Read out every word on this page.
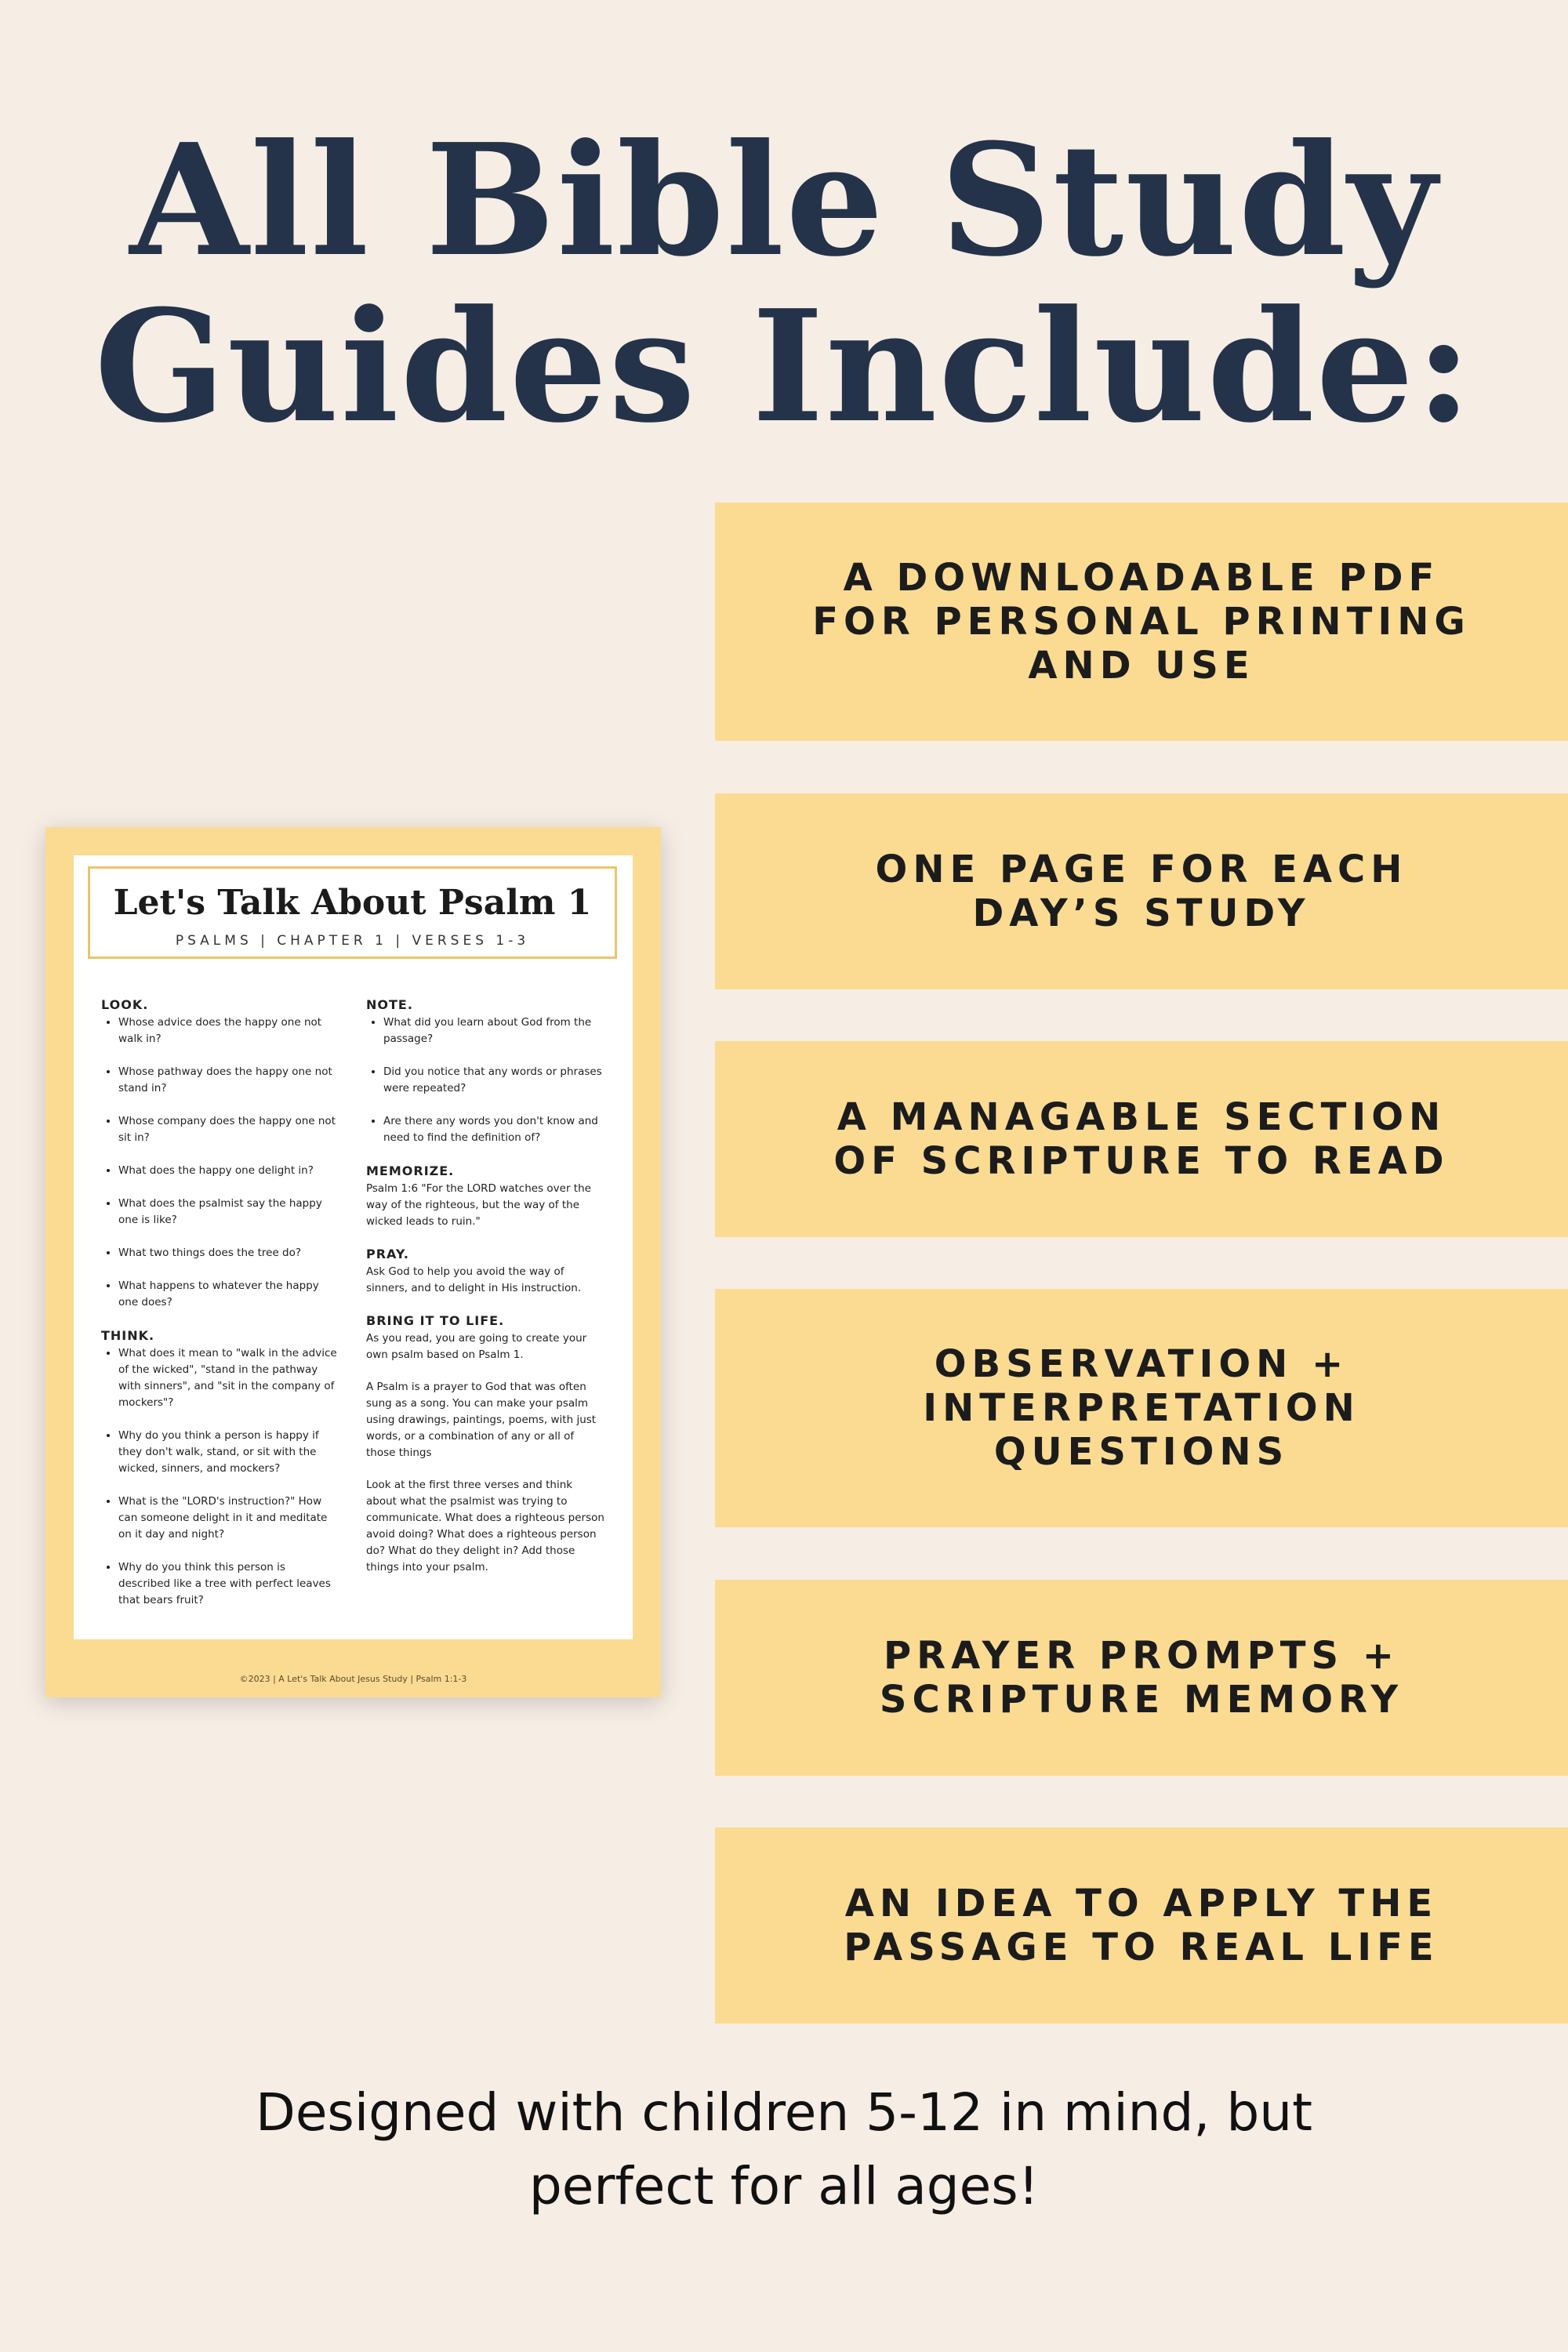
All Bible Study
Guides Include:
A DOWNLOADABLE PDF FOR PERSONAL PRINTING AND USE
ONE PAGE FOR EACH DAY’S STUDY
A MANAGABLE SECTION OF SCRIPTURE TO READ
OBSERVATION + INTERPRETATION QUESTIONS
PRAYER PROMPTS + SCRIPTURE MEMORY
AN IDEA TO APPLY THE PASSAGE TO REAL LIFE
Let's Talk About Psalm 1
PSALMS | CHAPTER 1 | VERSES 1-3
LOOK.
• Whose advice does the happy one not walk in?
• Whose pathway does the happy one not stand in?
• Whose company does the happy one not sit in?
• What does the happy one delight in?
• What does the psalmist say the happy one is like?
• What two things does the tree do?
• What happens to whatever the happy one does?
THINK.
• What does it mean to "walk in the advice of the wicked", "stand in the pathway with sinners", and "sit in the company of mockers"?
• Why do you think a person is happy if they don't walk, stand, or sit with the wicked, sinners, and mockers?
• What is the "LORD's instruction?" How can someone delight in it and meditate on it day and night?
• Why do you think this person is described like a tree with perfect leaves that bears fruit?
NOTE.
• What did you learn about God from the passage?
• Did you notice that any words or phrases were repeated?
• Are there any words you don't know and need to find the definition of?
MEMORIZE.

Psalm 1:6 "For the LORD watches over the way of the righteous, but the way of the wicked leads to ruin."

PRAY.

Ask God to help you avoid the way of sinners, and to delight in His instruction.

BRING IT TO LIFE.

As you read, you are going to create your own psalm based on Psalm 1.

A Psalm is a prayer to God that was often sung as a song. You can make your psalm using drawings, paintings, poems, with just words, or a combination of any or all of those things

Look at the first three verses and think about what the psalmist was trying to communicate. What does a righteous person avoid doing? What does a righteous person do? What do they delight in? Add those things into your psalm.

©2023 | A Let's Talk About Jesus Study | Psalm 1:1-3
Designed with children 5-12 in mind, but
perfect for all ages!
